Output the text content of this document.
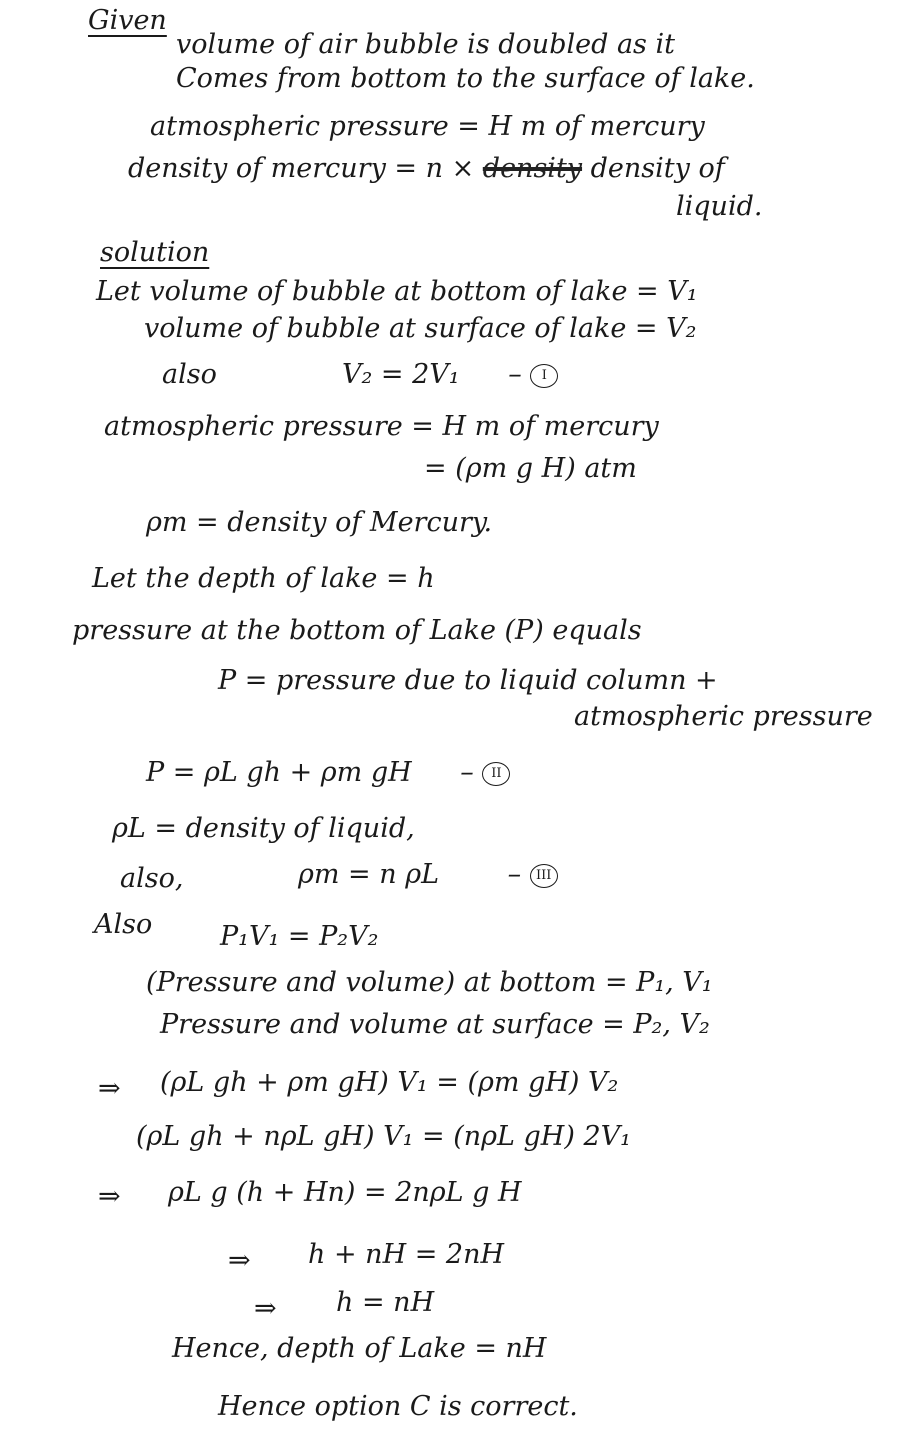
Given
volume of air bubble is doubled as it
Comes from bottom to the surface of lake.
atmospheric pressure = H m of mercury
density of mercury = n × density density of
liquid.
solution
Let volume of bubble at bottom of lake = V₁
volume of bubble at surface of lake = V₂
also	V₂ = 2V₁ – I
atmospheric pressure = H m of mercury
= (ρm g H) atm
ρm = density of Mercury.
Let the depth of lake = h
pressure at the bottom of Lake (P) equals
P = pressure due to liquid column +
atmospheric pressure
P = ρL gh + ρm gH – II
ρL = density of liquid,
also,	ρm = n ρL	– III
Also	P₁V₁ = P₂V₂
(Pressure and volume) at bottom = P₁, V₁
Pressure and volume at surface = P₂, V₂
⇒ (ρL gh + ρm gH) V₁ = (ρm gH) V₂
(ρL gh + nρL gH) V₁ = (nρL gH) 2V₁
⇒ ρL g (h + Hn) = 2nρL g H
⇒ h + nH = 2nH
⇒ h = nH
Hence, depth of Lake = nH
Hence option C is correct.
